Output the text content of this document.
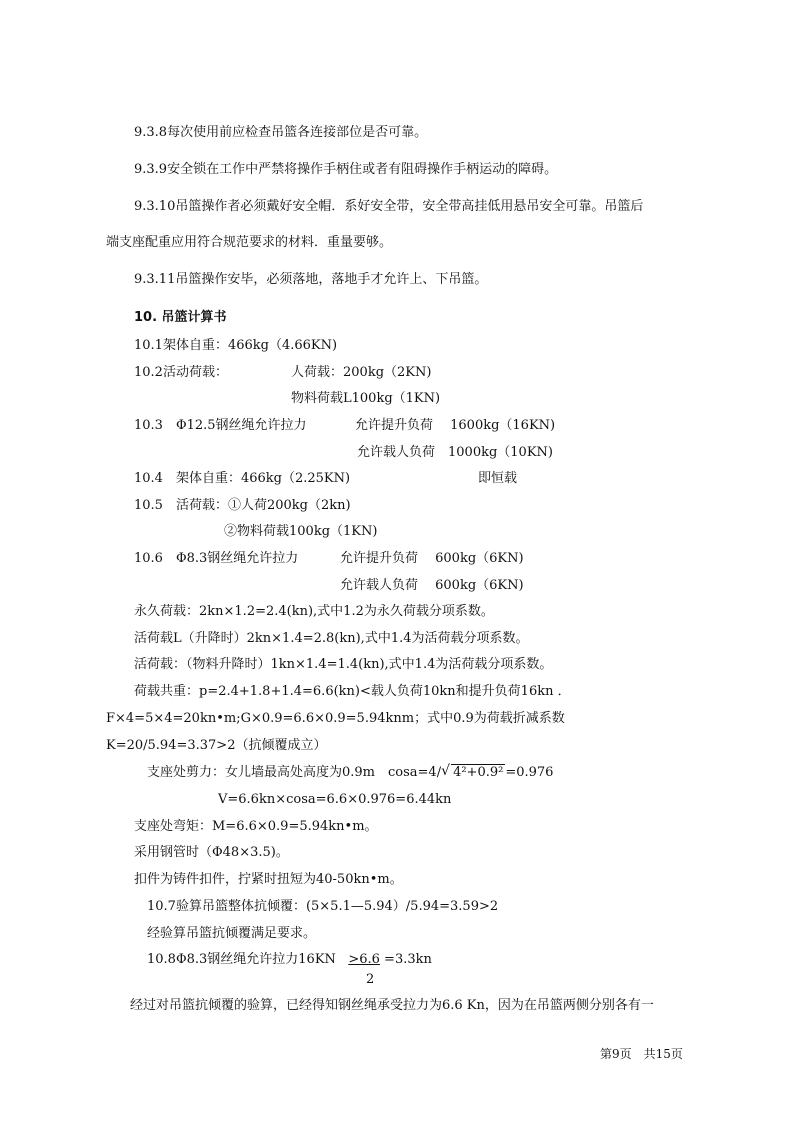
9.3.8每次使用前应检查吊篮各连接部位是否可靠。
9.3.9安全锁在工作中严禁将操作手柄住或者有阻碍操作手柄运动的障碍。
9.3.10吊篮操作者必须戴好安全帽．系好安全带，安全带高挂低用悬吊安全可靠。吊篮后
端支座配重应用符合规范要求的材料．重量要够。
9.3.11吊篮操作安毕，必须落地，落地手才允许上、下吊篮。
10. 吊篮计算书
10.1架体自重：466kg（4.66KN)
10.2活动荷载：	人荷载：200kg（2KN)
物料荷载L100kg（1KN)
10.3　Φ12.5钢丝绳允许拉力	允许提升负荷　 1600kg（16KN)
允许载人负荷　1000kg（10KN)
10.4　架体自重：466kg（2.25KN)	即恒载
10.5　活荷载：①人荷200kg（2kn)
②物料荷载100kg（1KN)
10.6　Φ8.3钢丝绳允许拉力	允许提升负荷　 600kg（6KN)
允许载人负荷　 600kg（6KN)
永久荷载：2kn×1.2=2.4(kn),式中1.2为永久荷载分项系数。
活荷载L（升降时）2kn×1.4=2.8(kn),式中1.4为活荷载分项系数。
活荷载：（物料升降时）1kn×1.4=1.4(kn),式中1.4为活荷载分项系数。
荷载共重：p=2.4+1.8+1.4=6.6(kn)<载人负荷10kn和提升负荷16kn ．
F×4=5×4=20kn•m;G×0.9=6.6×0.9=5.94knm；式中0.9为荷载折减系数
K=20/5.94=3.37>2（抗倾覆成立）
支座处剪力：女儿墙最高处高度为0.9m　cosa=4/ √ 4²+0.9² =0.976
V=6.6kn×cosa=6.6×0.976=6.44kn
支座处弯矩：M=6.6×0.9=5.94kn•m。
采用钢管时（Φ48×3.5)。
扣件为铸件扣件，拧紧时扭短为40-50kn•m。
10.7验算吊篮整体抗倾覆：(5×5.1—5.94）/5.94=3.59>2
经验算吊篮抗倾覆满足要求。
10.8Φ8.3钢丝绳允许拉力16KN >6.6 =3.3kn
2
经过对吊篮抗倾覆的验算，已经得知钢丝绳承受拉力为6.6 Kn，因为在吊篮两侧分别各有一
第9页　共15页
